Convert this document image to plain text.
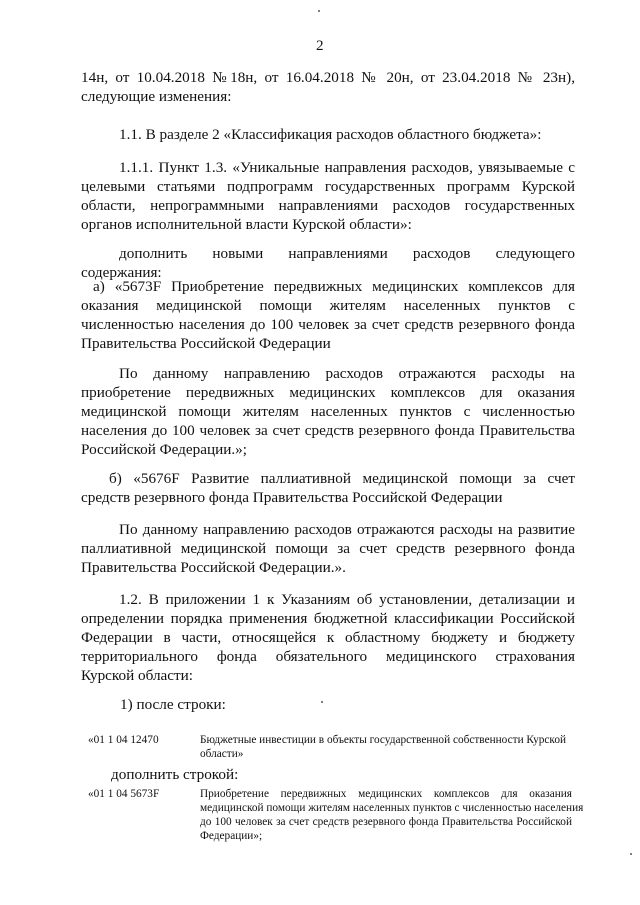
2
14н, от 10.04.2018 №18н, от 16.04.2018 № 20н, от 23.04.2018 № 23н),
следующие изменения:
1.1. В разделе 2 «Классификация расходов областного бюджета»:
1.1.1. Пункт 1.3. «Уникальные направления расходов, увязываемые с
целевыми статьями подпрограмм государственных программ Курской
области, непрограммными направлениями расходов государственных
органов исполнительной власти Курской области»:
дополнить новыми направлениями расходов следующего
содержания:
а) «5673F Приобретение передвижных медицинских комплексов для
оказания медицинской помощи жителям населенных пунктов с
численностью населения до 100 человек за счет средств резервного фонда
Правительства Российской Федерации
По данному направлению расходов отражаются расходы на
приобретение передвижных медицинских комплексов для оказания
медицинской помощи жителям населенных пунктов с численностью
населения до 100 человек за счет средств резервного фонда Правительства
Российской Федерации.»;
б) «5676F Развитие паллиативной медицинской помощи за счет
средств резервного фонда Правительства Российской Федерации
По данному направлению расходов отражаются расходы на развитие
паллиативной медицинской помощи за счет средств резервного фонда
Правительства Российской Федерации.».
1.2. В приложении 1 к Указаниям об установлении, детализации и
определении порядка применения бюджетной классификации Российской
Федерации в части, относящейся к областному бюджету и бюджету
территориального фонда обязательного медицинского страхования
Курской области:
1) после строки:
«01 1 04 12470	Бюджетные инвестиции в объекты государственной собственности Курской
области»
дополнить строкой:
«01 1 04 5673F	Приобретение передвижных медицинских комплексов для оказания
медицинской помощи жителям населенных пунктов с численностью населения
до 100 человек за счет средств резервного фонда Правительства Российской
Федерации»;
